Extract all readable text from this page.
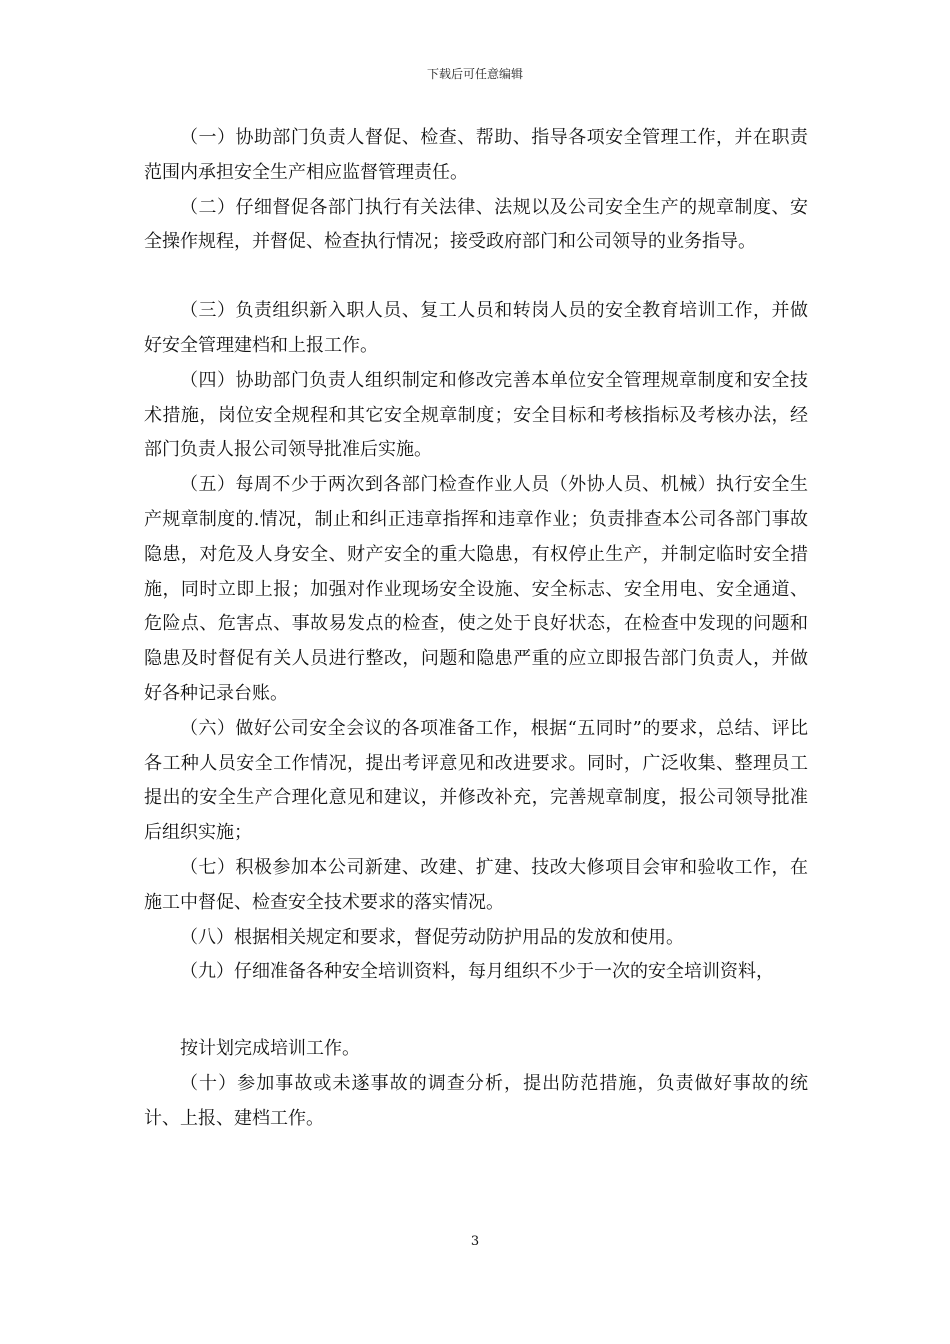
下载后可任意编辑

（一）协助部门负责人督促、检查、帮助、指导各项安全管理工作，并在职责范围内承担安全生产相应监督管理责任。

（二）仔细督促各部门执行有关法律、法规以及公司安全生产的规章制度、安全操作规程，并督促、检查执行情况；接受政府部门和公司领导的业务指导。

（三）负责组织新入职人员、复工人员和转岗人员的安全教育培训工作，并做好安全管理建档和上报工作。

（四）协助部门负责人组织制定和修改完善本单位安全管理规章制度和安全技术措施，岗位安全规程和其它安全规章制度；安全目标和考核指标及考核办法，经部门负责人报公司领导批准后实施。

（五）每周不少于两次到各部门检查作业人员（外协人员、机械）执行安全生产规章制度的.情况，制止和纠正违章指挥和违章作业；负责排查本公司各部门事故隐患，对危及人身安全、财产安全的重大隐患，有权停止生产，并制定临时安全措施，同时立即上报；加强对作业现场安全设施、安全标志、安全用电、安全通道、危险点、危害点、事故易发点的检查，使之处于良好状态，在检查中发现的问题和隐患及时督促有关人员进行整改，问题和隐患严重的应立即报告部门负责人，并做好各种记录台账。

（六）做好公司安全会议的各项准备工作，根据“五同时”的要求，总结、评比各工种人员安全工作情况，提出考评意见和改进要求。同时，广泛收集、整理员工提出的安全生产合理化意见和建议，并修改补充，完善规章制度，报公司领导批准后组织实施；

（七）积极参加本公司新建、改建、扩建、技改大修项目会审和验收工作，在施工中督促、检查安全技术要求的落实情况。

（八）根据相关规定和要求，督促劳动防护用品的发放和使用。

（九）仔细准备各种安全培训资料，每月组织不少于一次的安全培训资料，

按计划完成培训工作。

（十）参加事故或未遂事故的调查分析，提出防范措施，负责做好事故的统计、上报、建档工作。

3
